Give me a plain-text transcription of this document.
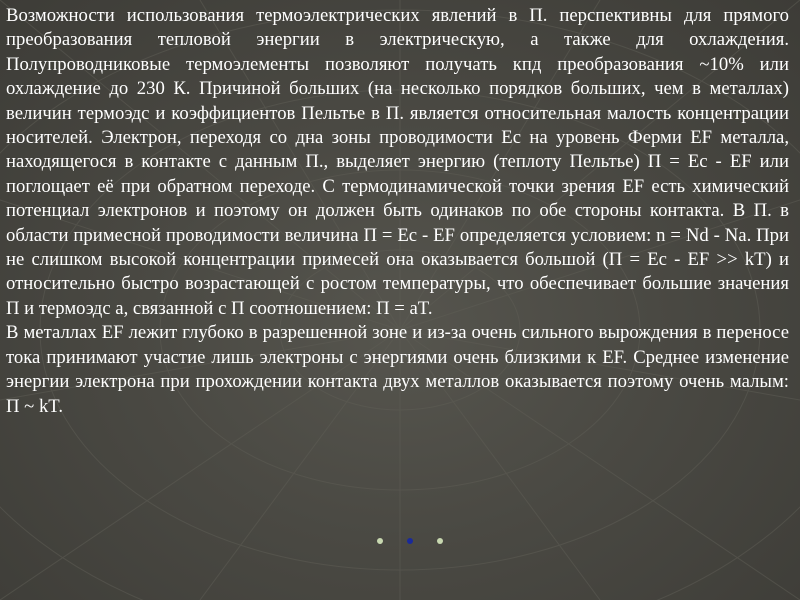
Возможности использования термоэлектрических явлений в П. перспективны для прямого преобразования тепловой энергии в электрическую, а также для охлаждения. Полупроводниковые термоэлементы позволяют получать кпд преобразования ~10% или охлаждение до 230 К. Причиной больших (на несколько порядков больших, чем в металлах) величин термоэдс и коэффициентов Пельтье в П. является относительная малость концентрации носителей. Электрон, переходя со дна зоны проводимости Ec на уровень Ферми EF металла, находящегося в контакте с данным П., выделяет энергию (теплоту Пельтье) П = Ec - EF или поглощает её при обратном переходе. С термодинамической точки зрения EF есть химический потенциал электронов и поэтому он должен быть одинаков по обе стороны контакта. В П. в области примесной проводимости величина П = Ec - EF определяется условием: n = Nd - Na. При не слишком высокой концентрации примесей она оказывается большой (П = Ec - EF >> kT) и относительно быстро возрастающей с ростом температуры, что обеспечивает большие значения П и термоэдс a, связанной с П соотношением: П = aT.

В металлах EF лежит глубоко в разрешенной зоне и из-за очень сильного вырождения в переносе тока принимают участие лишь электроны с энергиями очень близкими к EF. Среднее изменение энергии электрона при прохождении контакта двух металлов оказывается поэтому очень малым: П ~ kT.
